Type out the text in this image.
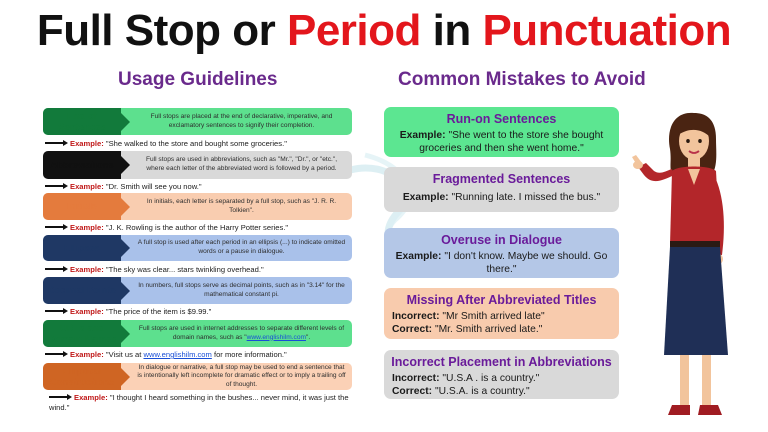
Full Stop or Period in Punctuation
Usage Guidelines	Common Mistakes to Avoid
End of Sentences
Full stops are placed at the end of declarative, imperative, and exclamatory sentences to signify their completion.
Example: "She walked to the store and bought some groceries."
Abbreviations	Full stops are used in abbreviations, such as "Mr.", "Dr.", or "etc.", where each letter of the abbreviated word is followed by a period.
Example: "Dr. Smith will see you now."
Initials	In initials, each letter is separated by a full stop, such as "J. R. R. Tolkien".
Example: "J. K. Rowling is the author of the Harry Potter series."
Ellipses	A full stop is used after each period in an ellipsis (...) to indicate omitted words or a pause in dialogue.
Example: "The sky was clear... stars twinkling overhead."
Decimal Points	In numbers, full stops serve as decimal points, such as in "3.14" for the mathematical constant pi.
Example: "The price of the item is $9.99."
URLs and Domain Names
Full stops are used in internet addresses to separate different levels of domain names, such as "www.englishilm.com".
Example: "Visit us at www.englishilm.com for more information."
Elliptical Constructions
In dialogue or narrative, a full stop may be used to end a sentence that is intentionally left incomplete for dramatic effect or to imply a trailing off of thought.
Example: "I thought I heard something in the bushes... never mind, it was just the wind."
Run-on Sentences
Example: "She went to the store she bought groceries and then she went home."
Fragmented Sentences
Example: "Running late. I missed the bus."
Overuse in Dialogue
Example: "I don't know. Maybe we should. Go there."
Missing After Abbreviated Titles
Incorrect: "Mr Smith arrived late"
Correct: "Mr. Smith arrived late."
Incorrect Placement in Abbreviations
Incorrect: "U.S.A . is a country."
Correct: "U.S.A. is a country."
